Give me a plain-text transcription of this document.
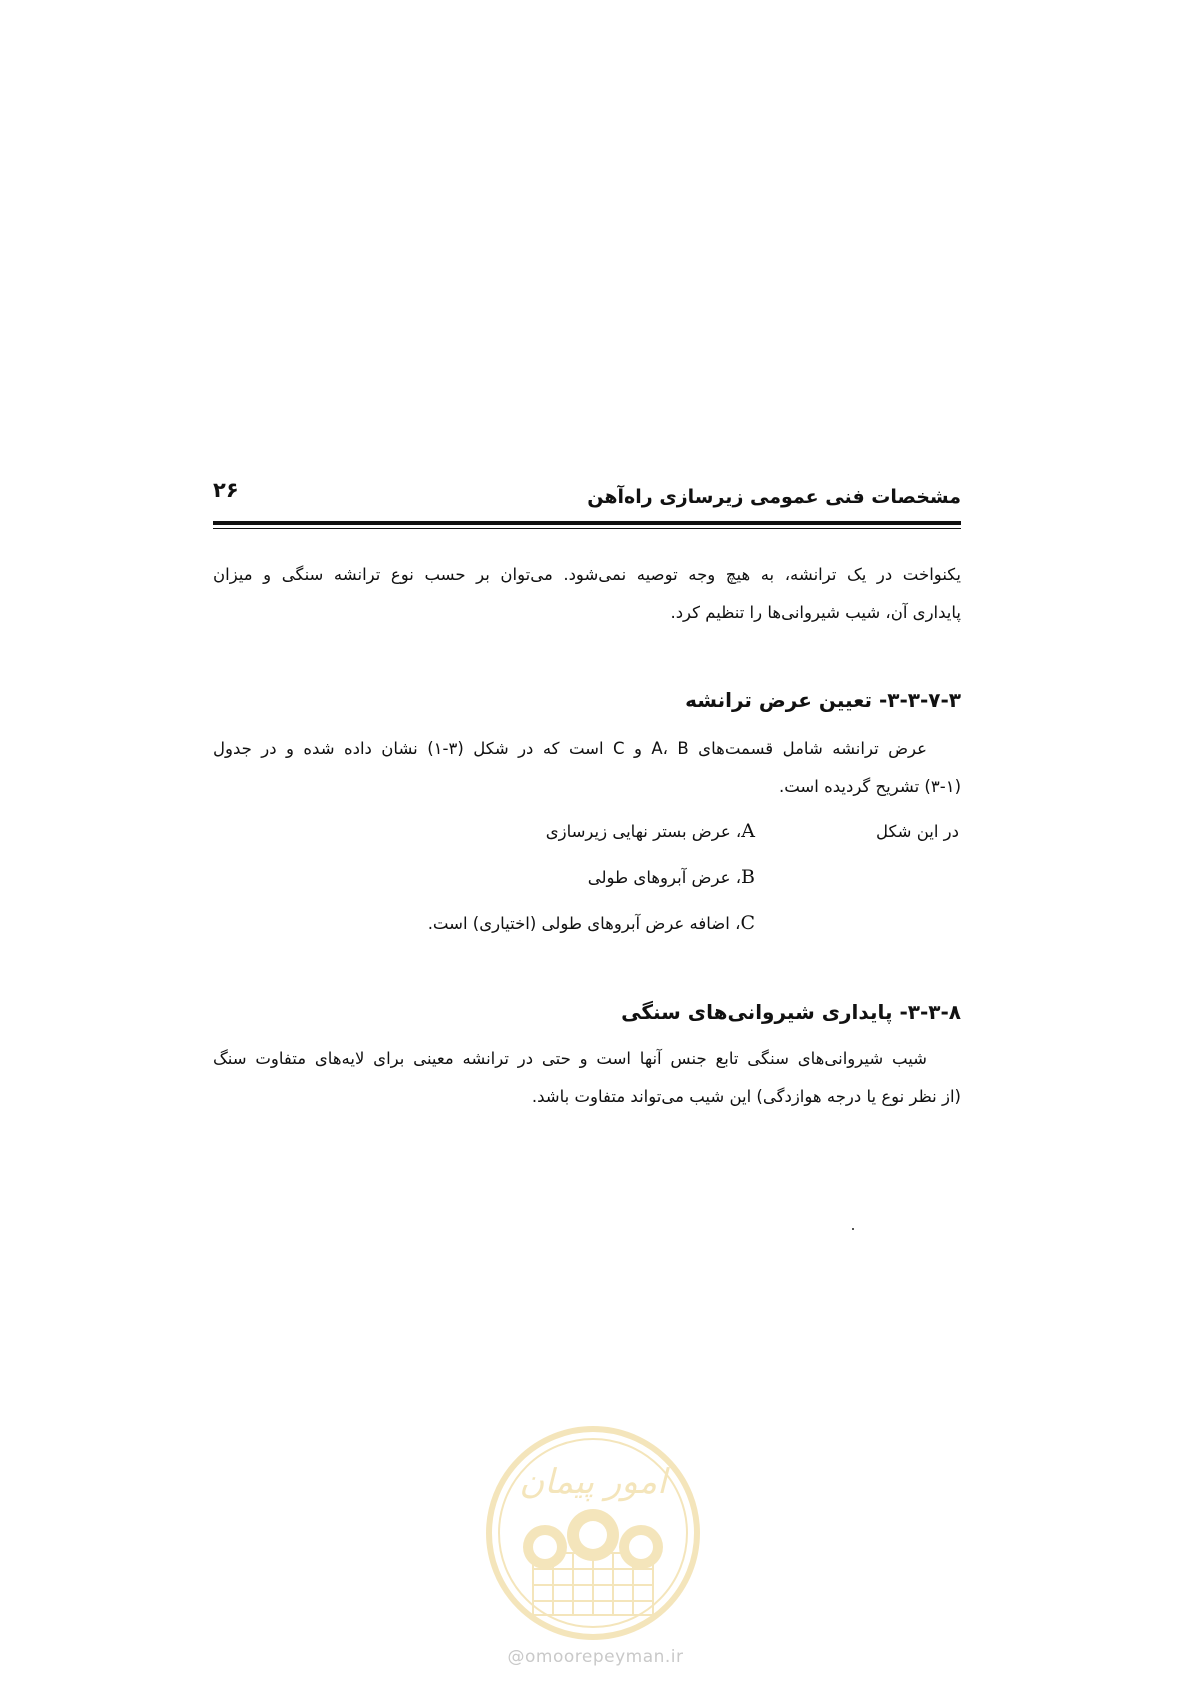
۲۶	مشخصات فنی عمومی زیرسازی راه‌آهن
یکنواخت در یک ترانشه، به هیچ وجه توصیه نمی‌شود. می‌توان بر حسب نوع ترانشه سنگی و میزان
پایداری آن، شیب شیروانی‌ها را تنظیم کرد.
۳-۳-۷-۳- تعیین عرض ترانشه
عرض ترانشه شامل قسمت‌های A، B و C است که در شکل (۳-۱) نشان داده شده و در جدول
(۳-۱) تشریح گردیده است.
در این شکل
A، عرض بستر نهایی زیرسازی
B، عرض آبروهای طولی
C، اضافه عرض آبروهای طولی (اختیاری) است.
۳-۳-۸- پایداری شیروانی‌های سنگی
شیب شیروانی‌های سنگی تابع جنس آنها است و حتی در ترانشه معینی برای لایه‌های متفاوت سنگ
(از نظر نوع یا درجه هوازدگی) این شیب می‌تواند متفاوت باشد.
امور پیمان
@omoorepeyman.ir
